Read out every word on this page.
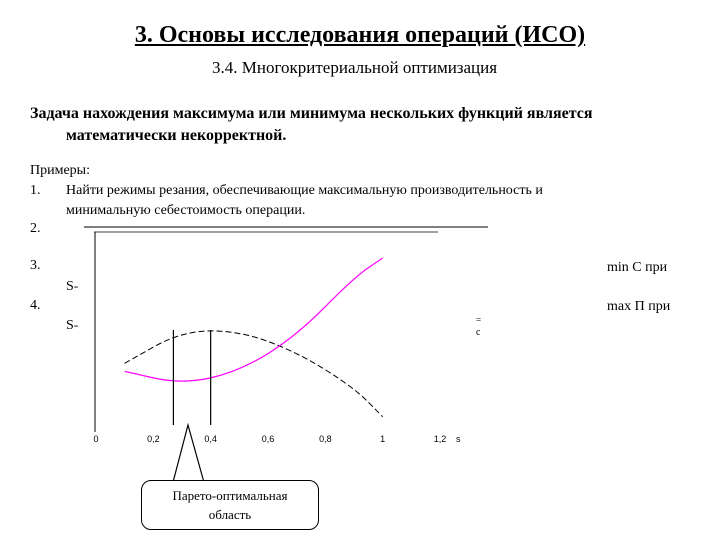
3. Основы исследования операций (ИСО)
3.4. Многокритериальной оптимизация
Задача нахождения максимума или минимума нескольких функций является
математически некорректной.
Примеры:
1. Найти режимы резания, обеспечивающие максимальную производительность и
минимальную себестоимость операции.
2.
3.
4.
S=
S=
min C при
max П при
=
c
0	0,2	0,4	0,6	0,8	1	1,2 s
Парето-оптимальная
область
